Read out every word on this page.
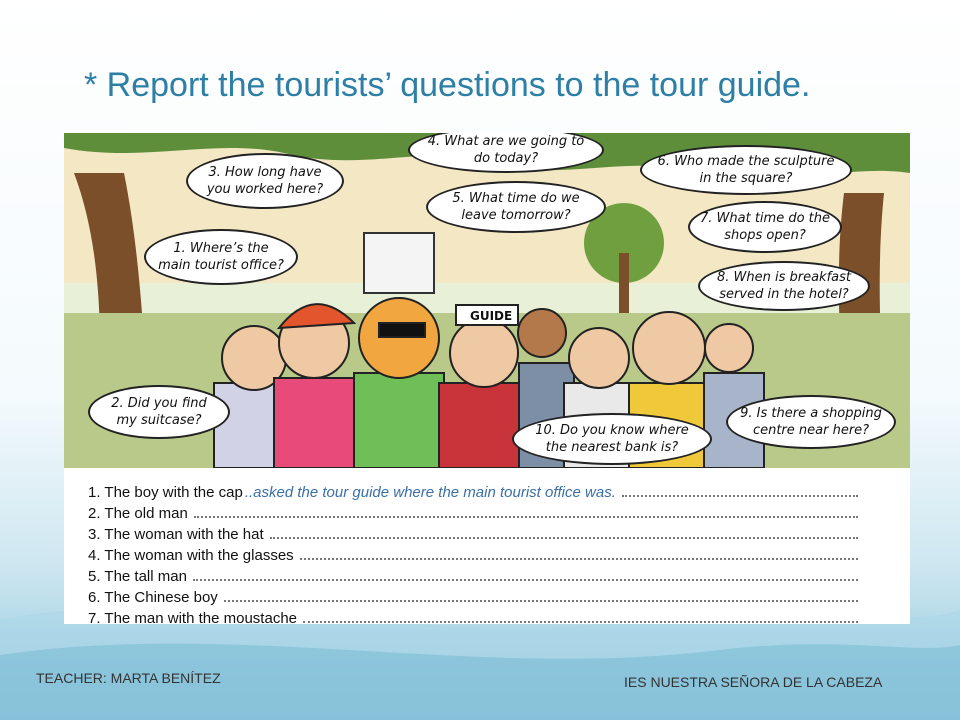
* Report the tourists’ questions to the tour guide.
GUIDE
1. Where’s the main tourist office?
2. Did you find my suitcase?
3. How long have you worked here?
4. What are we going to do today?
5. What time do we leave tomorrow?
6. Who made the sculpture in the square?
7. What time do the shops open?
8. When is breakfast served in the hotel?
9. Is there a shopping centre near here?
10. Do you know where the nearest bank is?
1. The boy with the cap ..asked the tour guide where the main tourist office was.
2. The old man
3. The woman with the hat
4. The woman with the glasses
5. The tall man
6. The Chinese boy
7. The man with the moustache
TEACHER: MARTA BENÍTEZ	IES NUESTRA SEÑORA DE LA CABEZA
